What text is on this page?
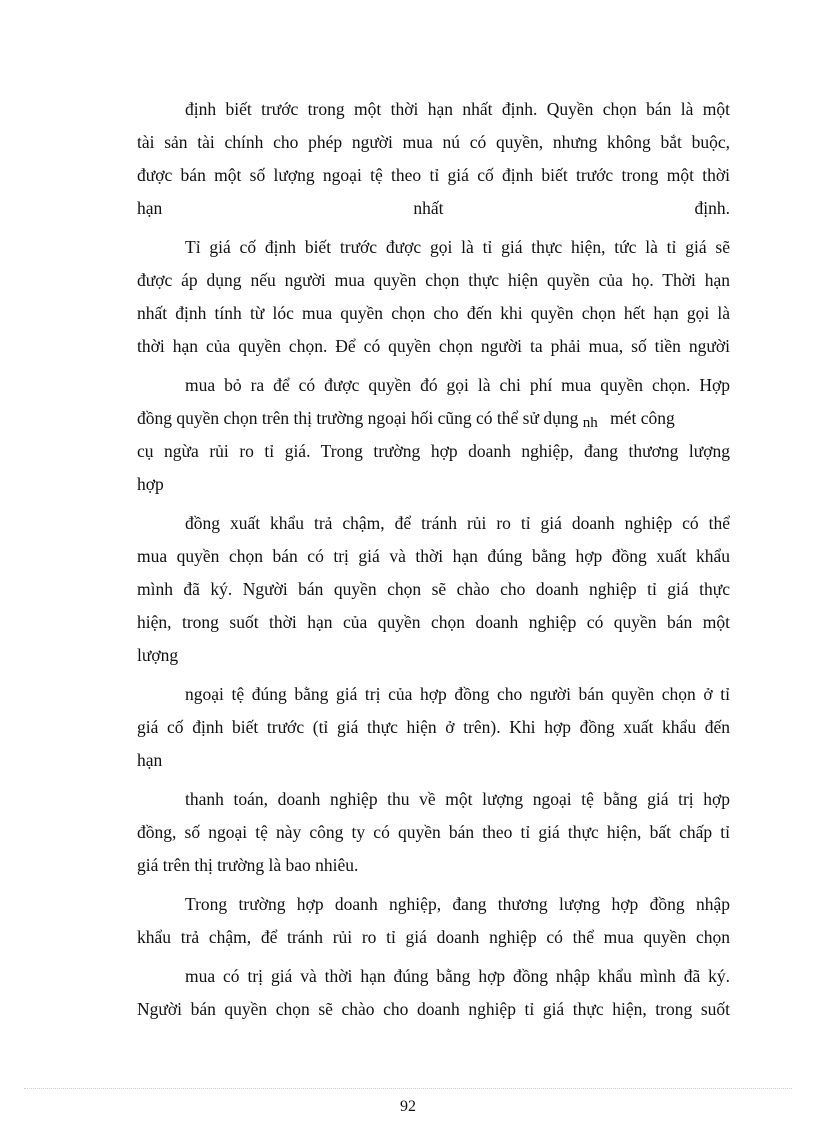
định biết trước trong một thời hạn nhất định. Quyền chọn bán là một
tài sản tài chính cho phép người mua nú có quyền, nhưng không bắt buộc,
được bán một số lượng ngoại tệ theo tỉ giá cố định biết trước trong một thời
hạn nhất định.
Tỉ giá cố định biết trước được gọi là tỉ giá thực hiện, tức là tỉ giá sẽ
được áp dụng nếu người mua quyền chọn thực hiện quyền của họ. Thời hạn
nhất định tính từ lóc mua quyền chọn cho đến khi quyền chọn hết hạn gọi là
thời hạn của quyền chọn. Để có quyền chọn người ta phải mua, số tiền người
mua bỏ ra để có được quyền đó gọi là chi phí mua quyền chọn. Hợp
đồng quyền chọn trên thị trường ngoại hối cũng có thể sử dụng nh mét công
cụ ngừa rủi ro tỉ giá. Trong trường hợp doanh nghiệp, đang thương lượng
hợp
đồng xuất khẩu trả chậm, để tránh rủi ro tỉ giá doanh nghiệp có thể
mua quyền chọn bán có trị giá và thời hạn đúng bằng hợp đồng xuất khẩu
mình đã ký. Người bán quyền chọn sẽ chào cho doanh nghiệp tỉ giá thực
hiện, trong suốt thời hạn của quyền chọn doanh nghiệp có quyền bán một
lượng
ngoại tệ đúng bằng giá trị của hợp đồng cho người bán quyền chọn ở tỉ
giá cố định biết trước (tỉ giá thực hiện ở trên). Khi hợp đồng xuất khẩu đến
hạn
thanh toán, doanh nghiệp thu về một lượng ngoại tệ bằng giá trị hợp
đồng, số ngoại tệ này công ty có quyền bán theo tỉ giá thực hiện, bất chấp tỉ
giá trên thị trường là bao nhiêu.
Trong trường hợp doanh nghiệp, đang thương lượng hợp đồng nhập
khẩu trả chậm, để tránh rủi ro tỉ giá doanh nghiệp có thể mua quyền chọn
mua có trị giá và thời hạn đúng bằng hợp đồng nhập khẩu mình đã ký.
Người bán quyền chọn sẽ chào cho doanh nghiệp tỉ giá thực hiện, trong suốt
92
